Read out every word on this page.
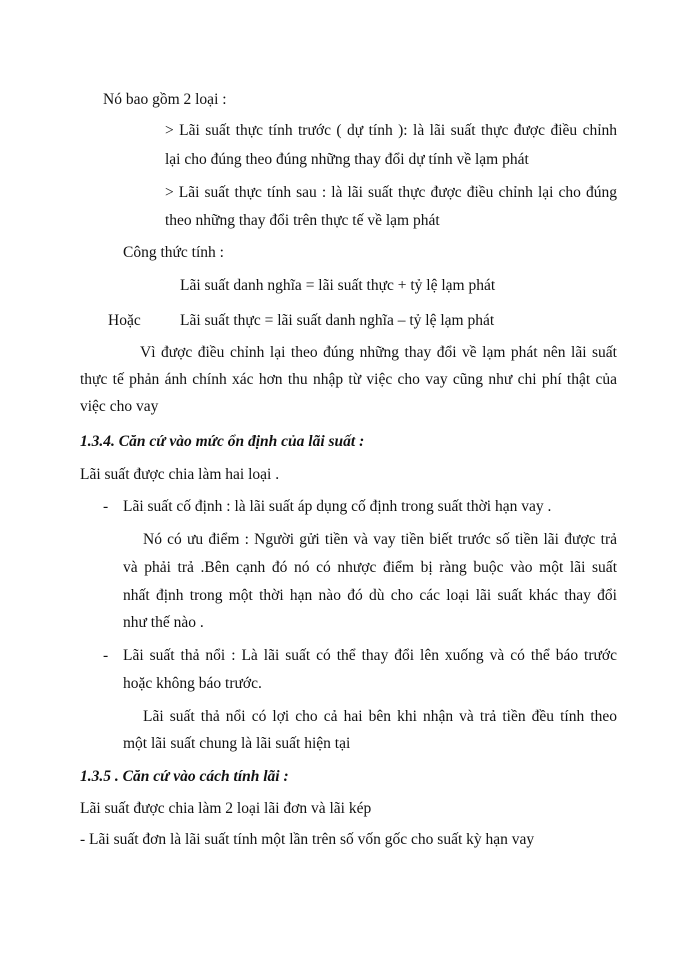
Nó bao gồm 2 loại :
> Lãi suất thực tính trước ( dự tính ): là lãi suất thực được điều chỉnh
lại cho đúng theo đúng những thay đổi dự tính về lạm phát
> Lãi suất thực tính sau : là lãi suất thực được điều chỉnh lại cho đúng
theo những thay đổi trên thực tế về lạm phát
Công thức tính :
Lãi suất danh nghĩa = lãi suất thực + tỷ lệ lạm phát
Hoặc	Lãi suất thực = lãi suất danh nghĩa – tỷ lệ lạm phát
Vì được điều chỉnh lại theo đúng những thay đổi về lạm phát nên lãi suất
thực tế phản ánh chính xác hơn thu nhập từ việc cho vay cũng như chi phí thật của
việc cho vay
1.3.4. Căn cứ vào mức ổn định của lãi suất :
Lãi suất được chia làm hai loại .
- Lãi suất cố định : là lãi suất áp dụng cố định trong suất thời hạn vay .
Nó có ưu điểm : Người gửi tiền và vay tiền biết trước số tiền lãi được trả
và phải trả .Bên cạnh đó nó có nhược điểm bị ràng buộc vào một lãi suất
nhất định trong một thời hạn nào đó dù cho các loại lãi suất khác thay đổi
như thế nào .
- Lãi suất thả nổi : Là lãi suất có thể thay đổi lên xuống và có thể báo trước
hoặc không báo trước.
Lãi suất thả nổi có lợi cho cả hai bên khi nhận và trả tiền đều tính theo
một lãi suất chung là lãi suất hiện tại
1.3.5 . Căn cứ vào cách tính lãi :
Lãi suất được chia làm 2 loại lãi đơn và lãi kép
- Lãi suất đơn là lãi suất tính một lần trên số vốn gốc cho suất kỳ hạn vay
